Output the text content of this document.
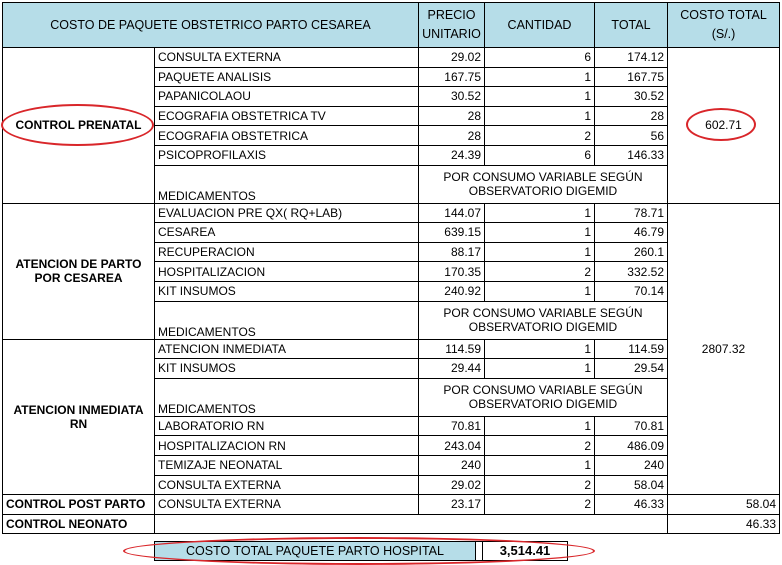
COSTO DE PAQUETE OBSTETRICO PARTO CESAREA		PRECIO
UNITARIO	CANTIDAD	TOTAL	COSTO TOTAL
(S/.)
CONTROL PRENATAL	CONSULTA EXTERNA	29.02	6	174.12	602.71
	PAQUETE ANALISIS	167.75	1	167.75	
	PAPANICOLAOU	30.52	1	30.52	
	ECOGRAFIA OBSTETRICA TV	28	1	28	
	ECOGRAFIA OBSTETRICA	28	2	56	
	PSICOPROFILAXIS	24.39	6	146.33	
	MEDICAMENTOS	POR CONSUMO VARIABLE SEGÚN
OBSERVATORIO DIGEMID			
ATENCION DE PARTO POR CESAREA	EVALUACION PRE QX( RQ+LAB)	144.07	1	78.71	2807.32
	CESAREA	639.15	1	46.79	
	RECUPERACION	88.17	1	260.1	
	HOSPITALIZACION	170.35	2	332.52	
	KIT INSUMOS	240.92	1	70.14	
	MEDICAMENTOS	POR CONSUMO VARIABLE SEGÚN
OBSERVATORIO DIGEMID			
ATENCION INMEDIATA RN	ATENCION INMEDIATA	114.59	1	114.59	
	KIT INSUMOS	29.44	1	29.54	
	MEDICAMENTOS	POR CONSUMO VARIABLE SEGÚN
OBSERVATORIO DIGEMID			
	LABORATORIO RN	70.81	1	70.81	
	HOSPITALIZACION RN	243.04	2	486.09	
	TEMIZAJE NEONATAL	240	1	240	
	CONSULTA EXTERNA	29.02	2	58.04	
CONTROL POST PARTO	CONSULTA EXTERNA	23.17	2	46.33	58.04
CONTROL NEONATO					46.33
COSTO TOTAL PAQUETE PARTO HOSPITAL	3,514.41
